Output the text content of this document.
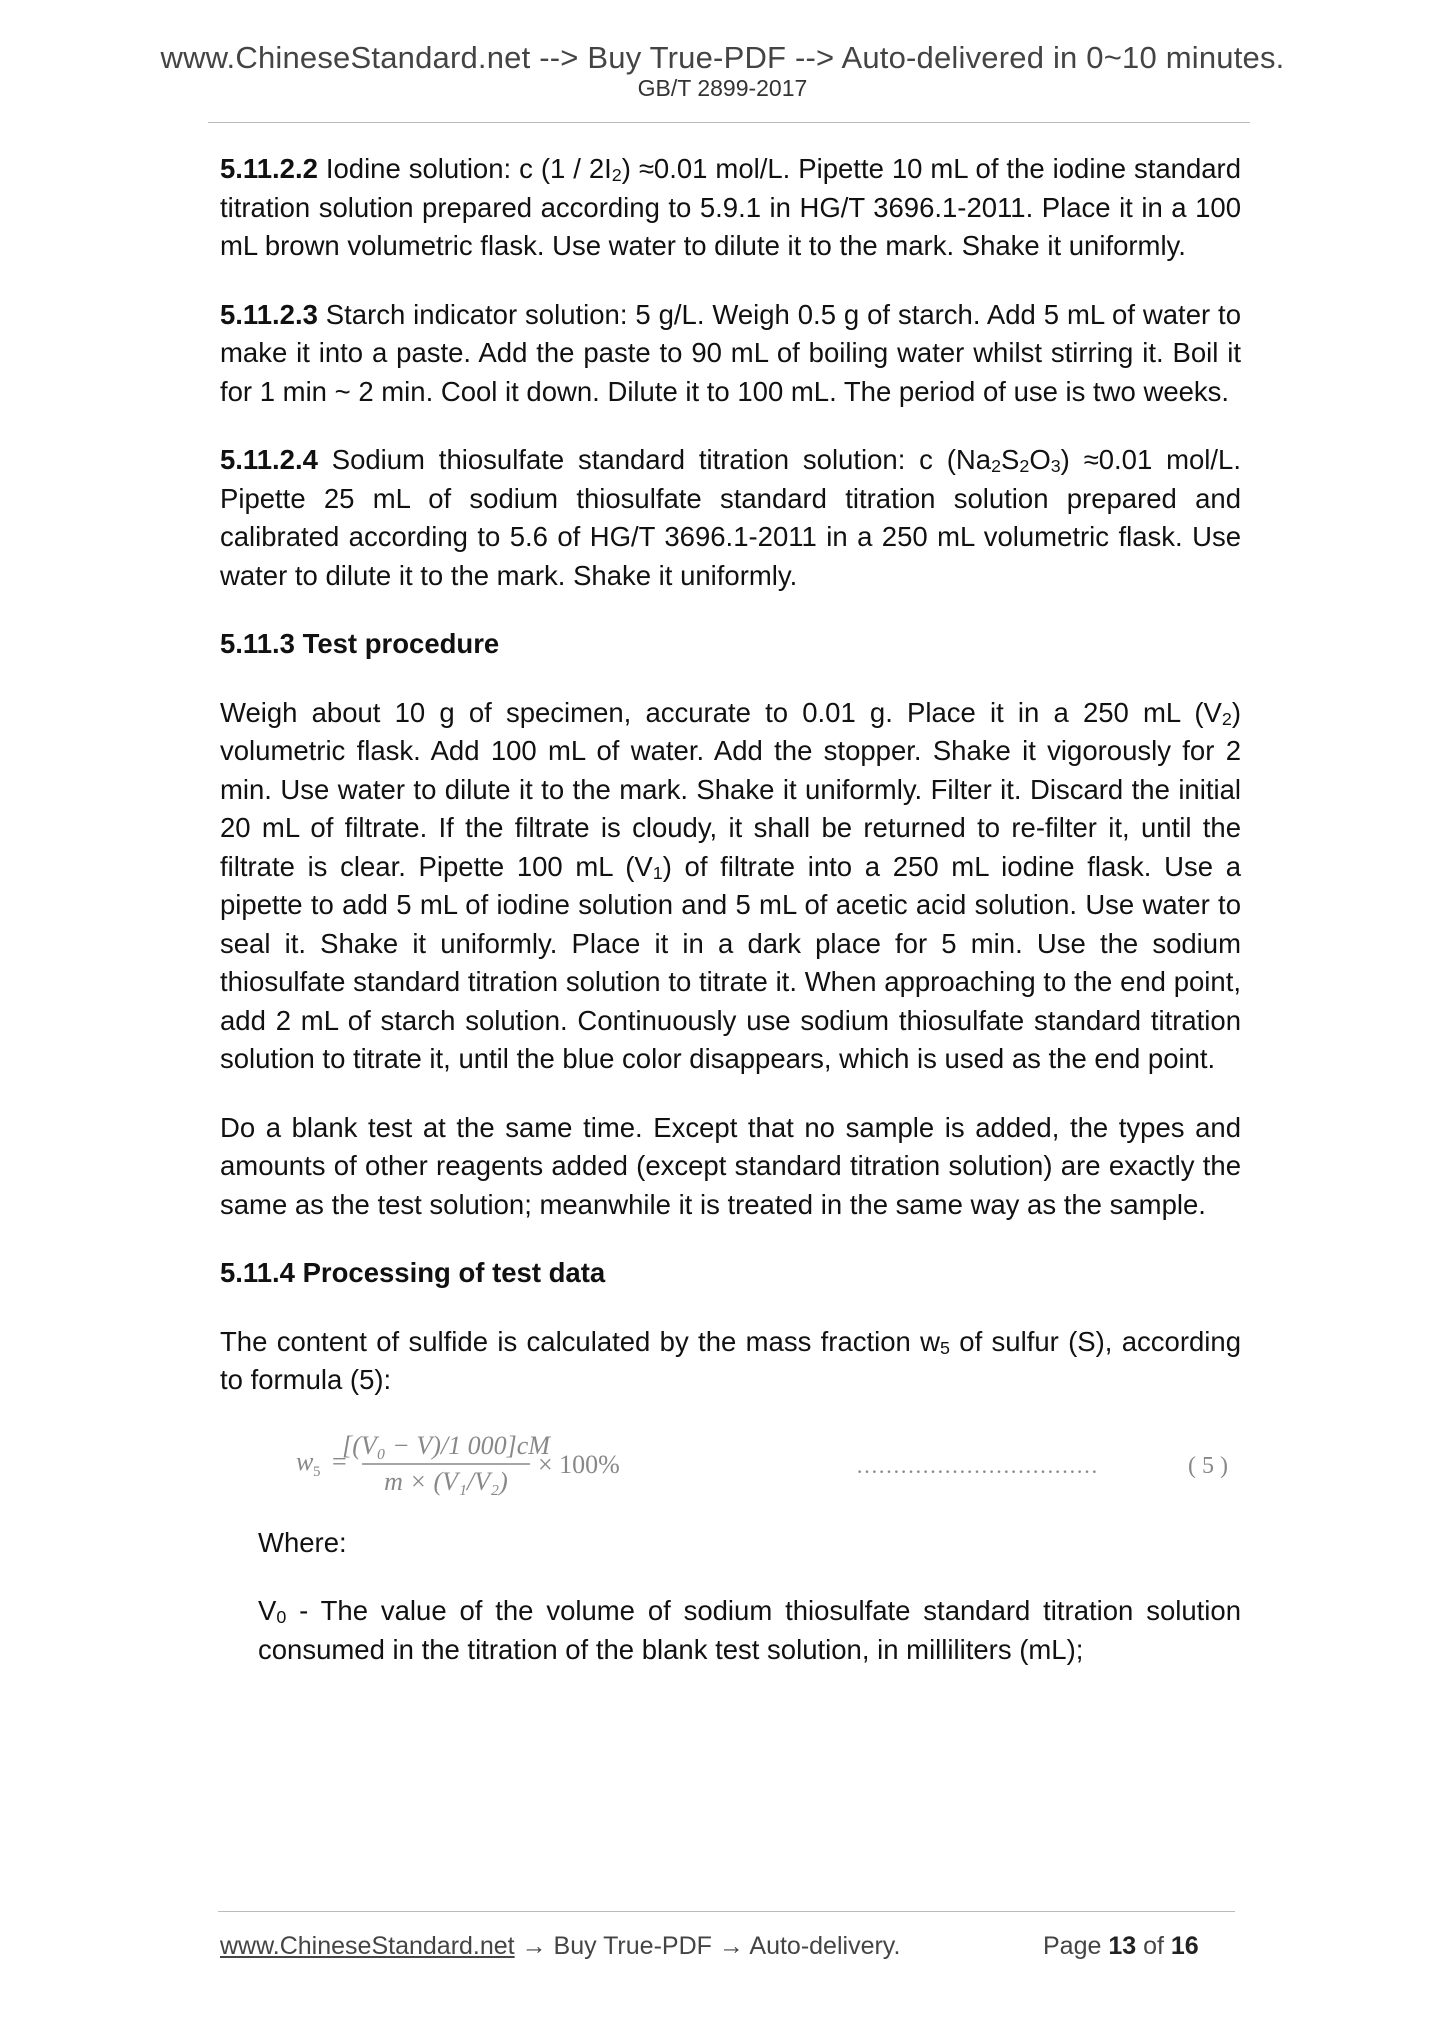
www.ChineseStandard.net --> Buy True-PDF --> Auto-delivered in 0~10 minutes.
GB/T 2899-2017

5.11.2.2 Iodine solution: c $(1 / 2I_2) \approx 0.01$ mol/L. Pipette 10 mL of the iodine standard titration solution prepared according to 5.9.1 in HG/T 3696.1-2011. Place it in a 100 mL brown volumetric flask. Use water to dilute it to the mark. Shake it uniformly.

5.11.2.3 Starch indicator solution: 5 g/L. Weigh 0.5 g of starch. Add 5 mL of water to make it into a paste. Add the paste to 90 mL of boiling water whilst stirring it. Boil it for 1 min ~ 2 min. Cool it down. Dilute it to 100 mL. The period of use is two weeks.

5.11.2.4 Sodium thiosulfate standard titration solution: c $(Na_2S_2O_3) \approx 0.01$ mol/L. Pipette 25 mL of sodium thiosulfate standard titration solution prepared and calibrated according to 5.6 of HG/T 3696.1-2011 in a 250 mL volumetric flask. Use water to dilute it to the mark. Shake it uniformly.

5.11.3 Test procedure

Weigh about 10 g of specimen, accurate to 0.01 g. Place it in a 250 mL $(V_2)$ volumetric flask. Add 100 mL of water. Add the stopper. Shake it vigorously for 2 min. Use water to dilute it to the mark. Shake it uniformly. Filter it. Discard the initial 20 mL of filtrate. If the filtrate is cloudy, it shall be returned to re-filter it, until the filtrate is clear. Pipette 100 mL $(V_1)$ of filtrate into a 250 mL iodine flask. Use a pipette to add 5 mL of iodine solution and 5 mL of acetic acid solution. Use water to seal it. Shake it uniformly. Place it in a dark place for 5 min. Use the sodium thiosulfate standard titration solution to titrate it. When approaching to the end point, add 2 mL of starch solution. Continuously use sodium thiosulfate standard titration solution to titrate it, until the blue color disappears, which is used as the end point.

Do a blank test at the same time. Except that no sample is added, the types and amounts of other reagents added (except standard titration solution) are exactly the same as the test solution; meanwhile it is treated in the same way as the sample.

5.11.4 Processing of test data

The content of sulfide is calculated by the mass fraction $w_5$ of sulfur (S), according to formula (5):

w 5 =
[(V₀ − V)/1 000]cM
m × (V₁/V₂)
× 100%	……………………………	( 5 )

Where:

$V_0$ - The value of the volume of sodium thiosulfate standard titration solution consumed in the titration of the blank test solution, in milliliters (mL);

www.ChineseStandard.net → Buy True-PDF → Auto-delivery.	Page 13 of 16
